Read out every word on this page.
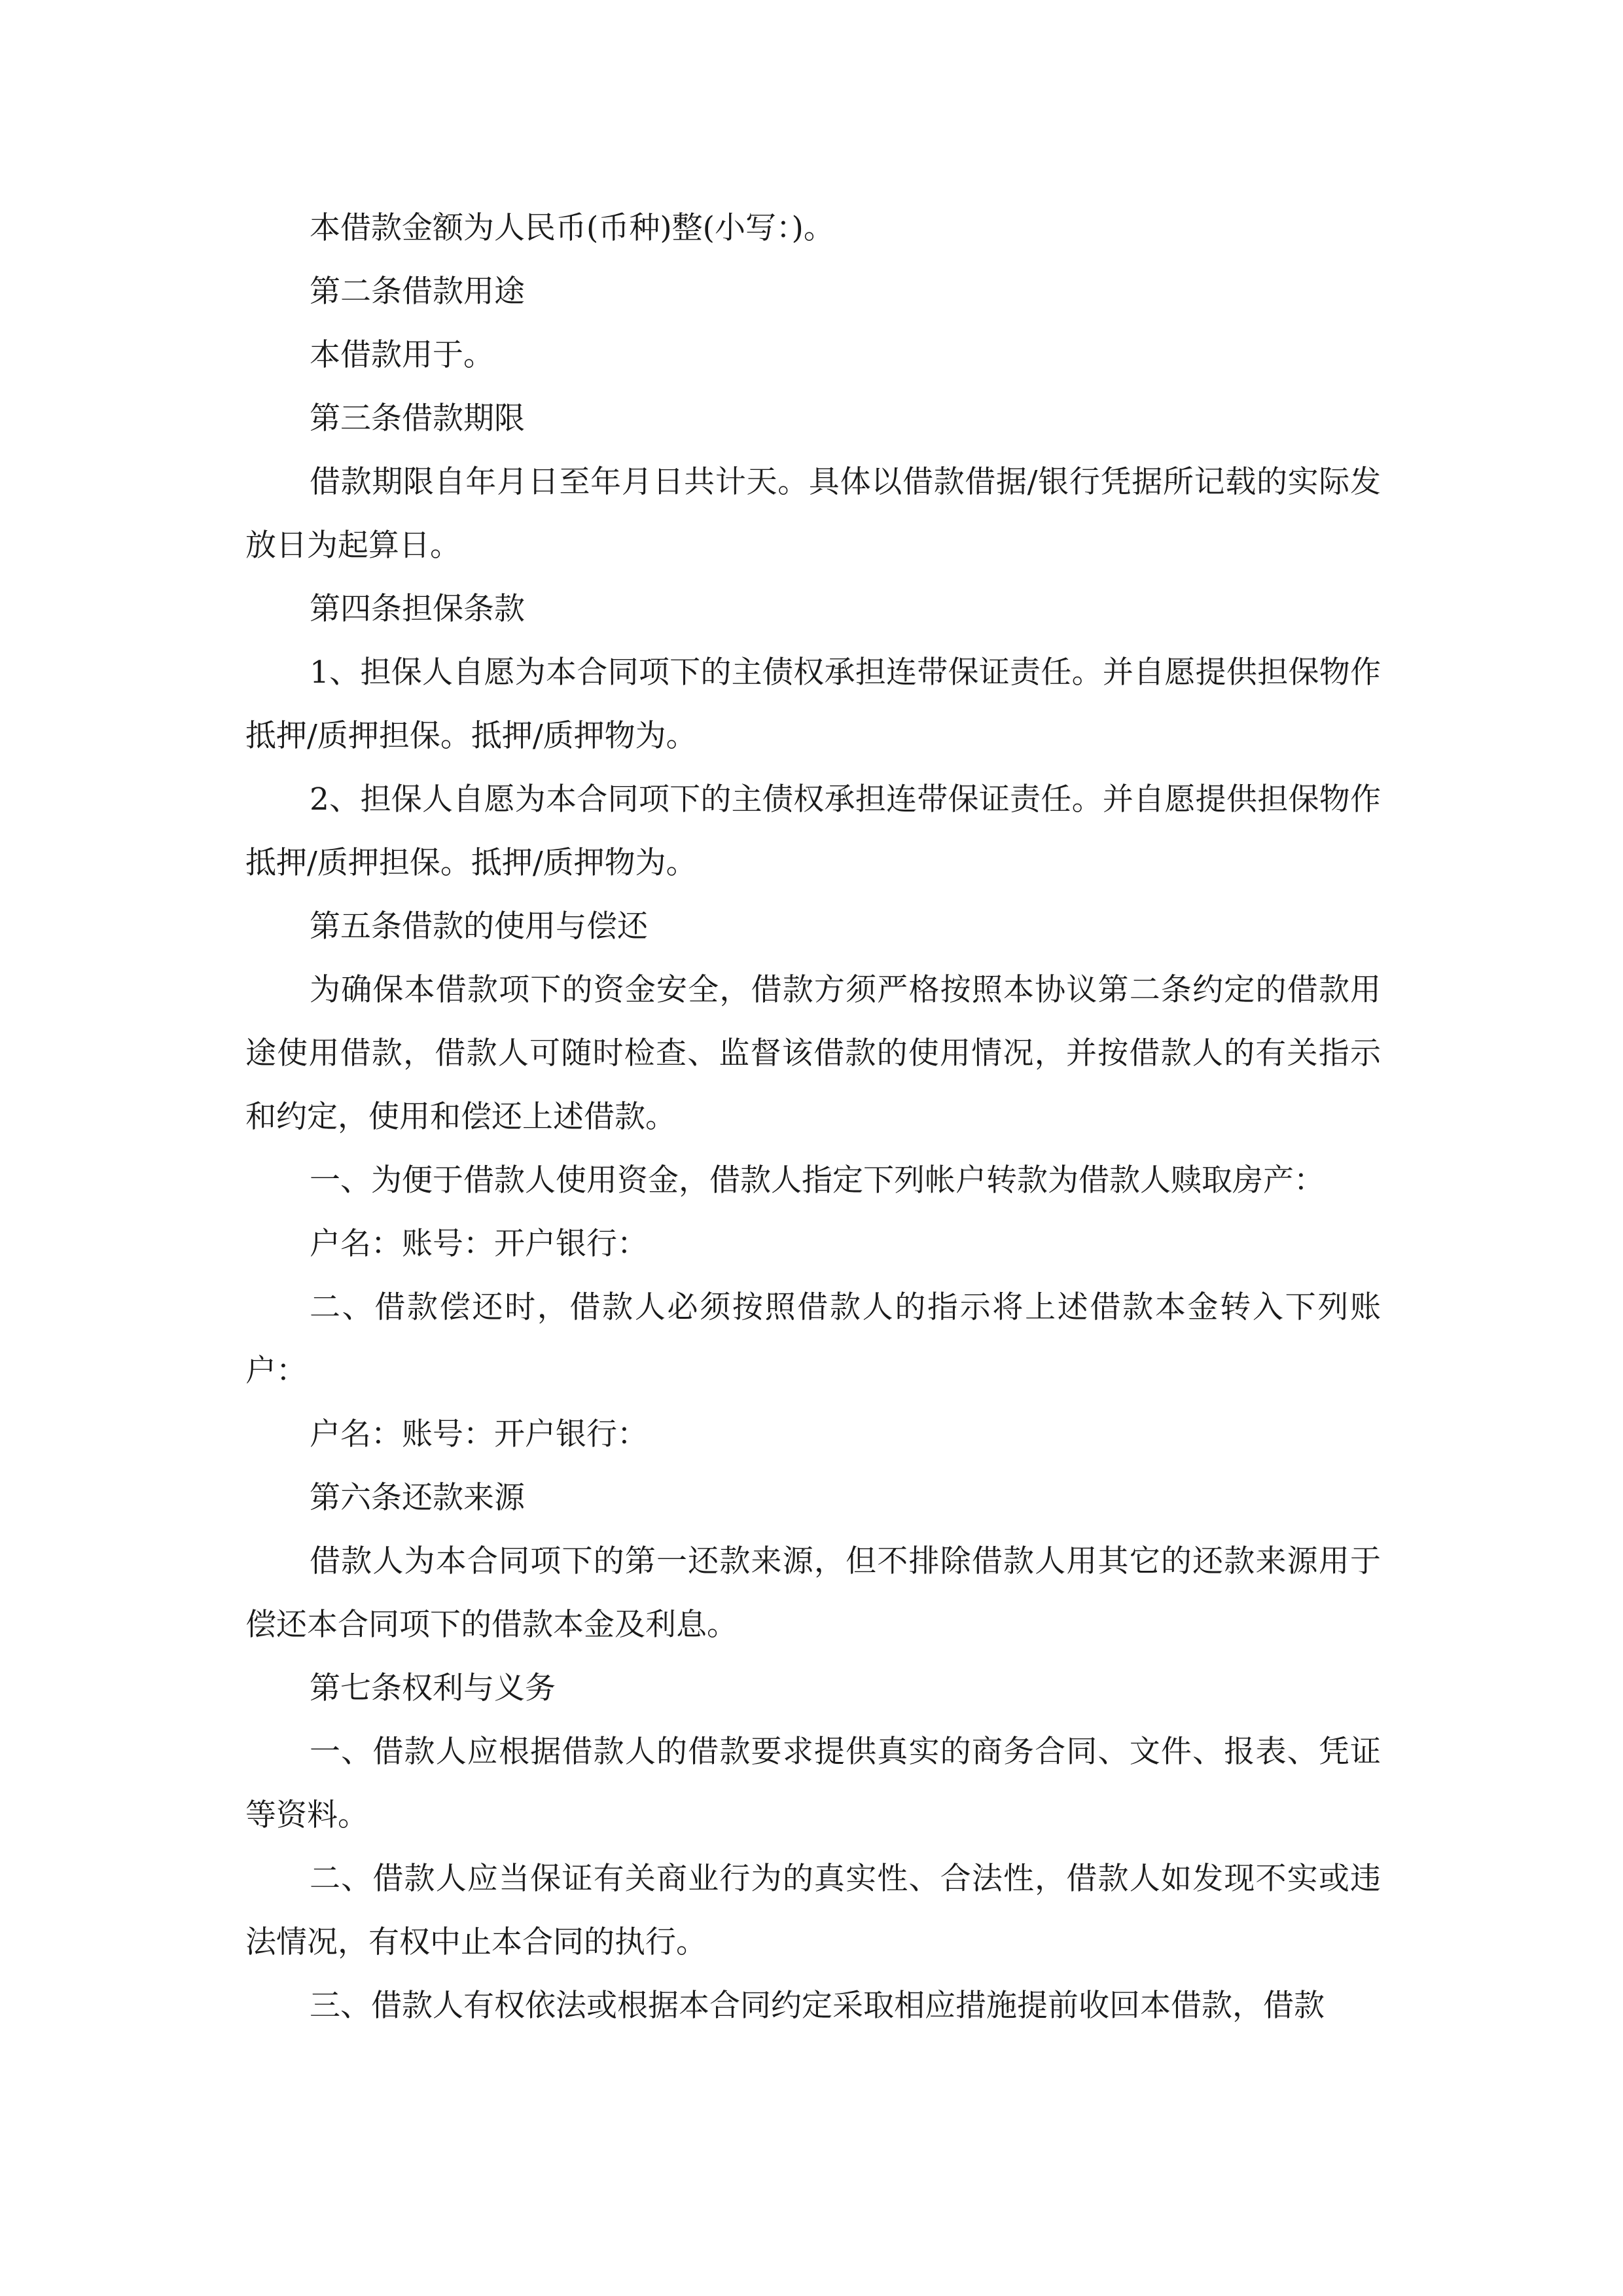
本借款金额为人民币(币种)整(小写：)。

第二条借款用途

本借款用于。

第三条借款期限

借款期限自年月日至年月日共计天。具体以借款借据/银行凭据所记载的实际发放日为起算日。

第四条担保条款

1、担保人自愿为本合同项下的主债权承担连带保证责任。并自愿提供担保物作抵押/质押担保。抵押/质押物为。

2、担保人自愿为本合同项下的主债权承担连带保证责任。并自愿提供担保物作抵押/质押担保。抵押/质押物为。

第五条借款的使用与偿还

为确保本借款项下的资金安全，借款方须严格按照本协议第二条约定的借款用途使用借款，借款人可随时检查、监督该借款的使用情况，并按借款人的有关指示和约定，使用和偿还上述借款。

一、为便于借款人使用资金，借款人指定下列帐户转款为借款人赎取房产：

户名：账号：开户银行：

二、借款偿还时，借款人必须按照借款人的指示将上述借款本金转入下列账户：

户名：账号：开户银行：

第六条还款来源

借款人为本合同项下的第一还款来源，但不排除借款人用其它的还款来源用于偿还本合同项下的借款本金及利息。

第七条权利与义务

一、借款人应根据借款人的借款要求提供真实的商务合同、文件、报表、凭证等资料。

二、借款人应当保证有关商业行为的真实性、合法性，借款人如发现不实或违法情况，有权中止本合同的执行。

三、借款人有权依法或根据本合同约定采取相应措施提前收回本借款，借款
